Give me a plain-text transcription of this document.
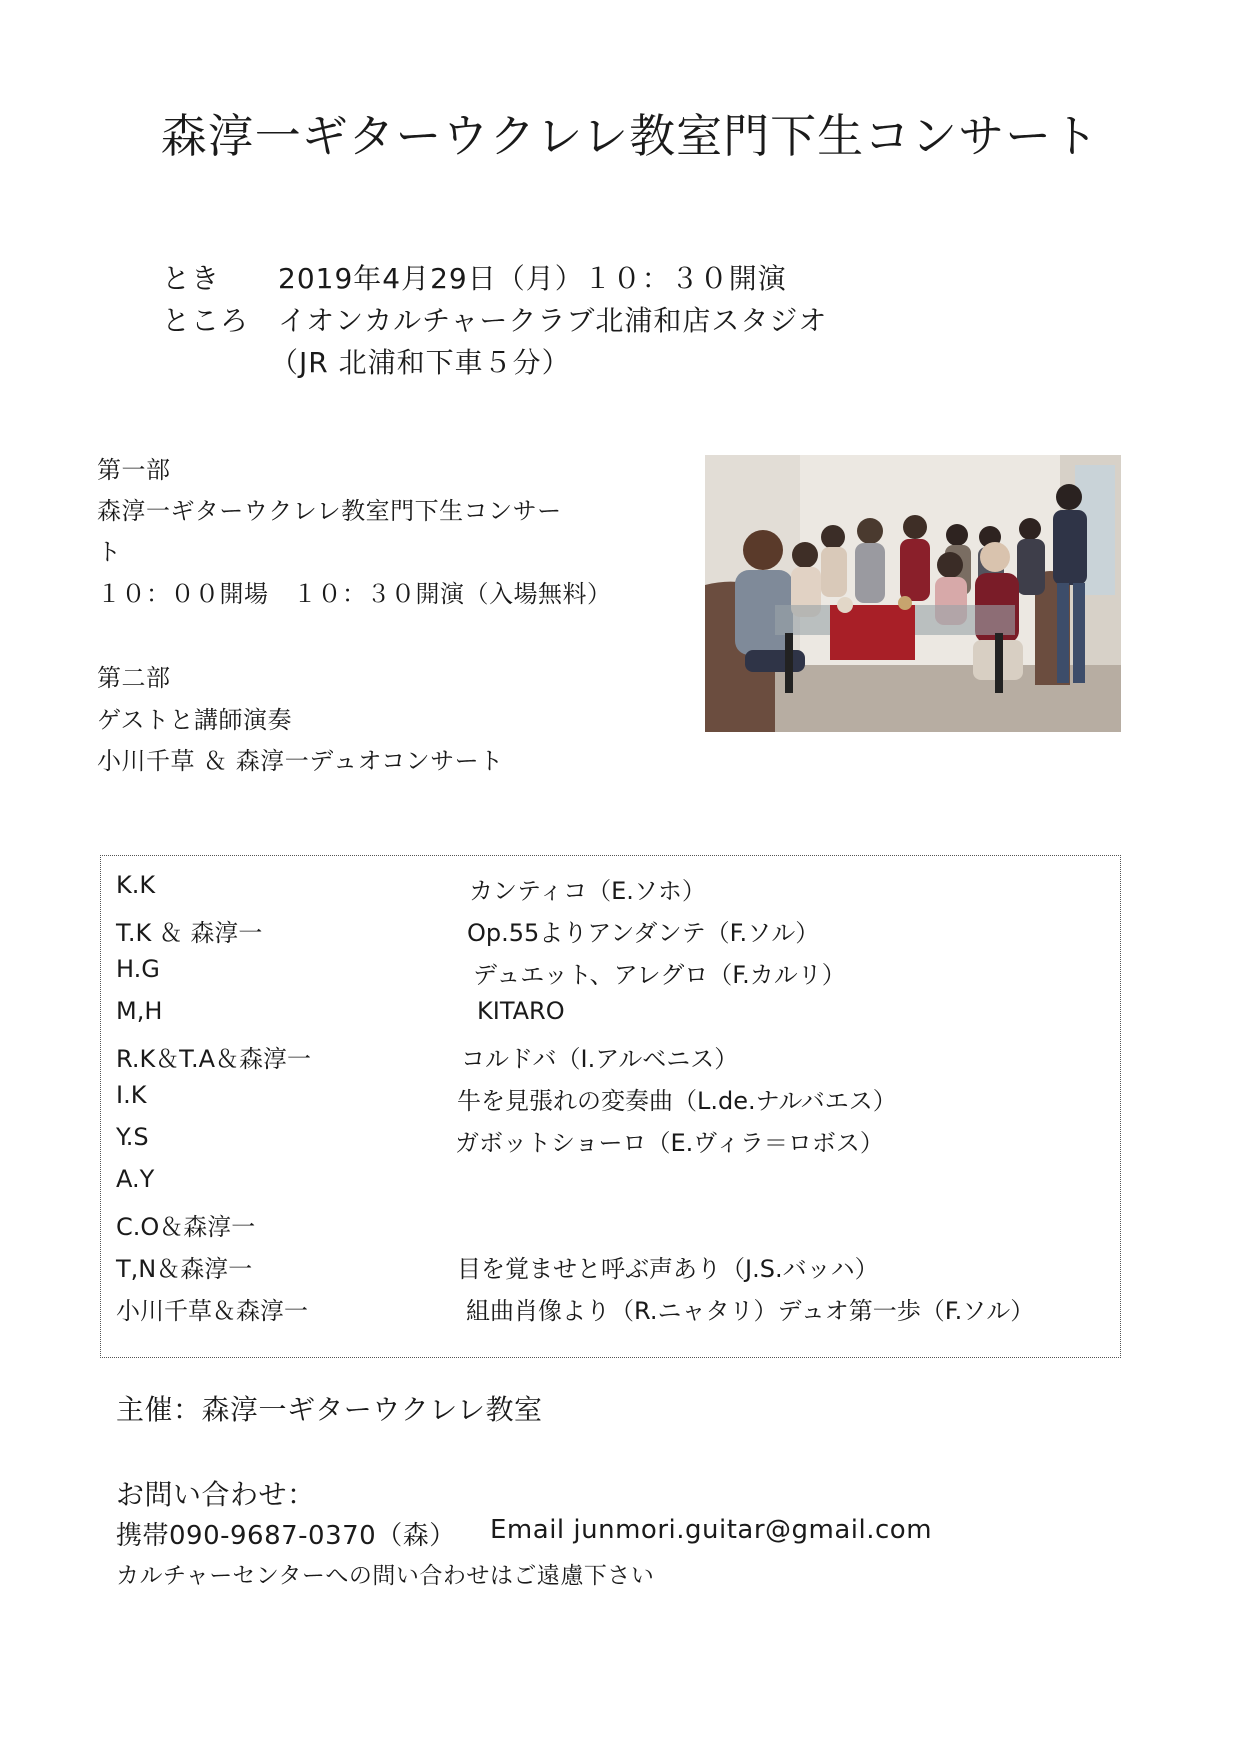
森淳一ギターウクレレ教室門下生コンサート
とき 2019年4月29日（月）１０：３０開演
ところ イオンカルチャークラブ北浦和店スタジオ
（JR 北浦和下車５分）
第一部
森淳一ギターウクレレ教室門下生コンサー
ト
１０：００開場　１０：３０開演（入場無料）
第二部
ゲストと講師演奏
小川千草 ＆ 森淳一デュオコンサート
K.K	カンティコ（E.ソホ）
T.K ＆ 森淳一	Op.55よりアンダンテ（F.ソル）
H.G	デュエット、アレグロ（F.カルリ）
M,H	KITARO
R.K＆T.A＆森淳一	コルドバ（I.アルベニス）
I.K	牛を見張れの変奏曲（L.de.ナルバエス）
Y.S	ガボットショーロ（E.ヴィラ＝ロボス）
A.Y
C.O＆森淳一
T,N＆森淳一	目を覚ませと呼ぶ声あり（J.S.バッハ）
小川千草＆森淳一	組曲肖像より（R.ニャタリ）デュオ第一歩（F.ソル）
主催：森淳一ギターウクレレ教室
お問い合わせ：
携帯090-9687-0370（森） Email junmori.guitar@gmail.com
カルチャーセンターへの問い合わせはご遠慮下さい
